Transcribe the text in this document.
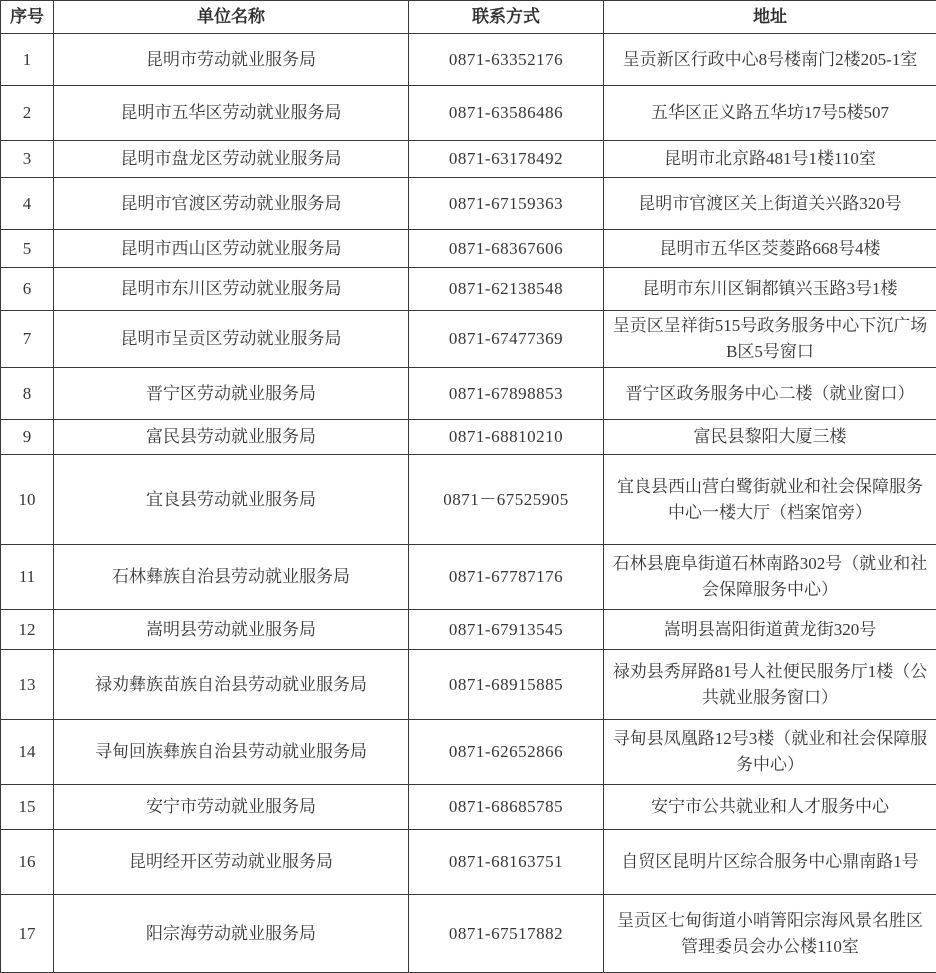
序号	单位名称	联系方式	地址
1	昆明市劳动就业服务局	0871-63352176	呈贡新区行政中心8号楼南门2楼205-1室
2	昆明市五华区劳动就业服务局	0871-63586486	五华区正义路五华坊17号5楼507
3	昆明市盘龙区劳动就业服务局	0871-63178492	昆明市北京路481号1楼110室
4	昆明市官渡区劳动就业服务局	0871-67159363	昆明市官渡区关上街道关兴路320号
5	昆明市西山区劳动就业服务局	0871-68367606	昆明市五华区茭菱路668号4楼
6	昆明市东川区劳动就业服务局	0871-62138548	昆明市东川区铜都镇兴玉路3号1楼
7	昆明市呈贡区劳动就业服务局	0871-67477369	呈贡区呈祥街515号政务服务中心下沉广场B区5号窗口
8	晋宁区劳动就业服务局	0871-67898853	晋宁区政务服务中心二楼（就业窗口）
9	富民县劳动就业服务局	0871-68810210	富民县黎阳大厦三楼
10	宜良县劳动就业服务局	0871－67525905	宜良县西山营白鹭街就业和社会保障服务中心一楼大厅（档案馆旁）
11	石林彝族自治县劳动就业服务局	0871-67787176	石林县鹿阜街道石林南路302号（就业和社会保障服务中心）
12	嵩明县劳动就业服务局	0871-67913545	嵩明县嵩阳街道黄龙街320号
13	禄劝彝族苗族自治县劳动就业服务局	0871-68915885	禄劝县秀屏路81号人社便民服务厅1楼（公共就业服务窗口）
14	寻甸回族彝族自治县劳动就业服务局	0871-62652866	寻甸县凤凰路12号3楼（就业和社会保障服务中心）
15	安宁市劳动就业服务局	0871-68685785	安宁市公共就业和人才服务中心
16	昆明经开区劳动就业服务局	0871-68163751	自贸区昆明片区综合服务中心鼎南路1号
17	阳宗海劳动就业服务局	0871-67517882	呈贡区七甸街道小哨箐阳宗海风景名胜区管理委员会办公楼110室
